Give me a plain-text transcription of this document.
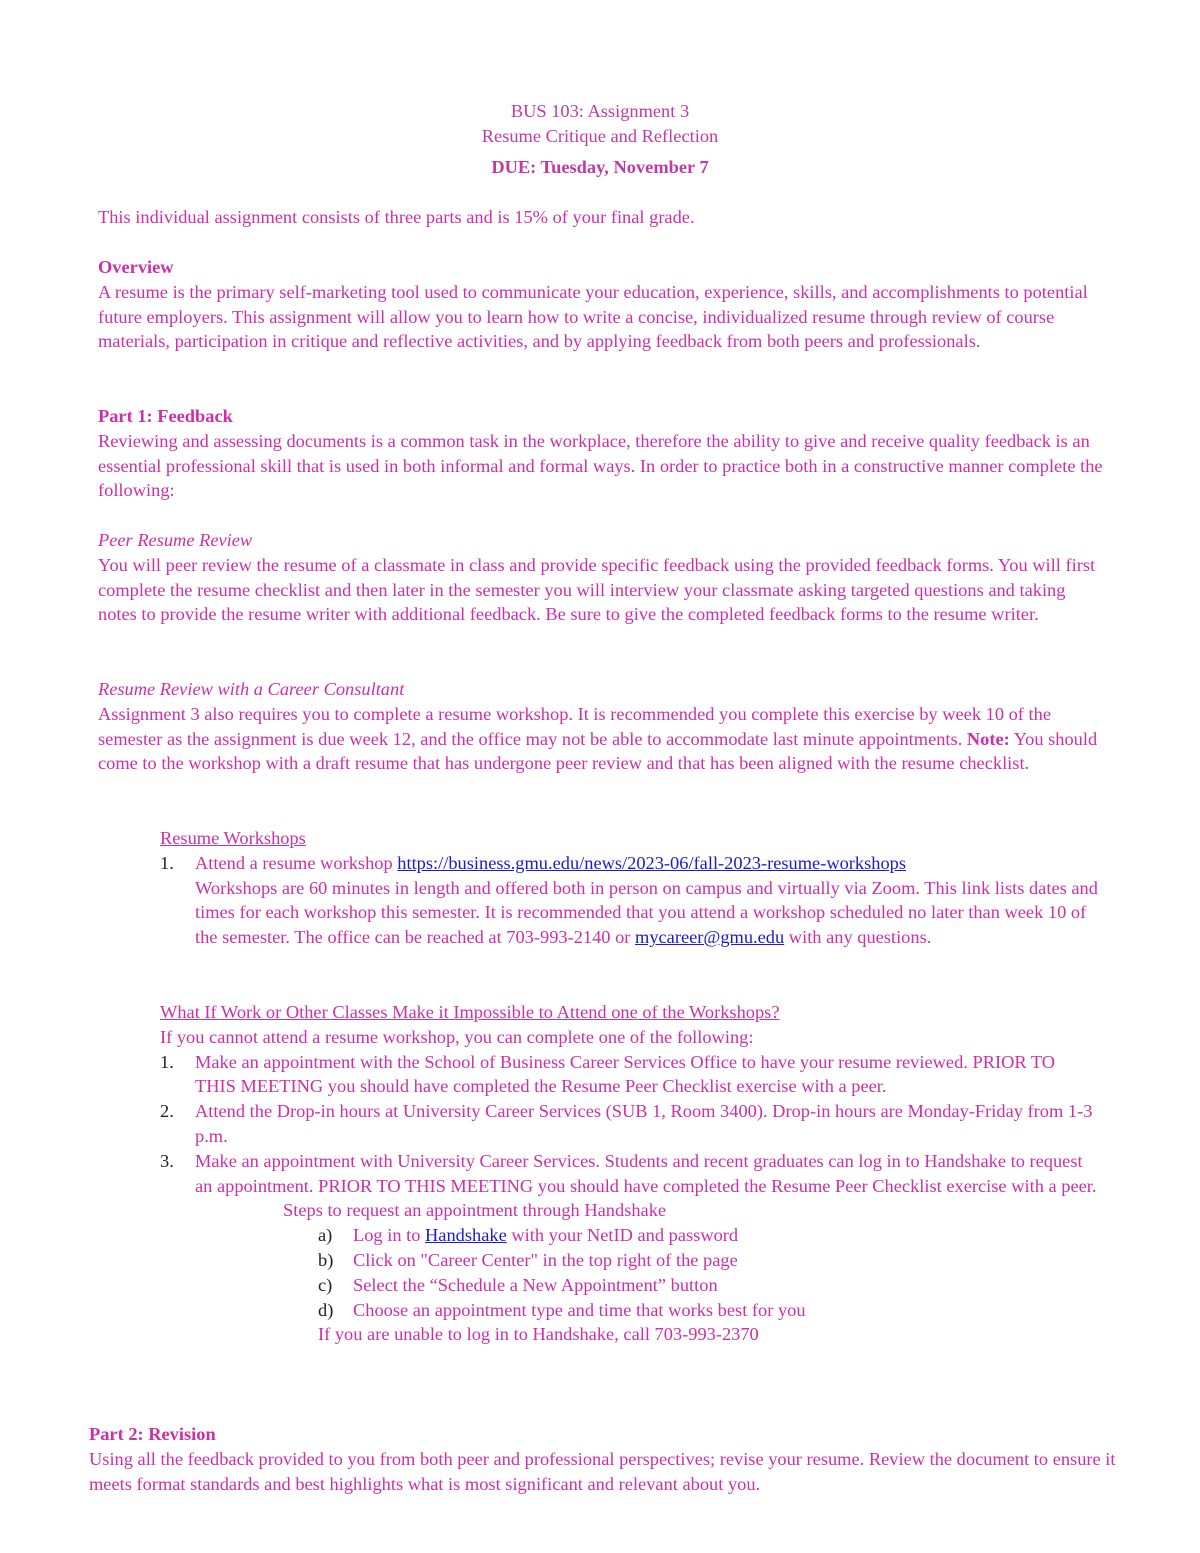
BUS 103: Assignment 3
Resume Critique and Reflection
DUE: Tuesday, November 7

This individual assignment consists of three parts and is 15% of your final grade.

Overview

A resume is the primary self-marketing tool used to communicate your education, experience, skills, and accomplishments to potential future employers. This assignment will allow you to learn how to write a concise, individualized resume through review of course materials, participation in critique and reflective activities, and by applying feedback from both peers and professionals.

Part 1: Feedback

Reviewing and assessing documents is a common task in the workplace, therefore the ability to give and receive quality feedback is an essential professional skill that is used in both informal and formal ways. In order to practice both in a constructive manner complete the following:

Peer Resume Review

You will peer review the resume of a classmate in class and provide specific feedback using the provided feedback forms. You will first complete the resume checklist and then later in the semester you will interview your classmate asking targeted questions and taking notes to provide the resume writer with additional feedback. Be sure to give the completed feedback forms to the resume writer.

Resume Review with a Career Consultant

Assignment 3 also requires you to complete a resume workshop. It is recommended you complete this exercise by week 10 of the semester as the assignment is due week 12, and the office may not be able to accommodate last minute appointments. Note: You should come to the workshop with a draft resume that has undergone peer review and that has been aligned with the resume checklist.

Resume Workshops

1. Attend a resume workshop https://business.gmu.edu/news/2023-06/fall-2023-resume-workshops
Workshops are 60 minutes in length and offered both in person on campus and virtually via Zoom. This link lists dates and times for each workshop this semester. It is recommended that you attend a workshop scheduled no later than week 10 of the semester. The office can be reached at 703-993-2140 or mycareer@gmu.edu with any questions.

What If Work or Other Classes Make it Impossible to Attend one of the Workshops?

If you cannot attend a resume workshop, you can complete one of the following:

1. Make an appointment with the School of Business Career Services Office to have your resume reviewed. PRIOR TO THIS MEETING you should have completed the Resume Peer Checklist exercise with a peer.
2. Attend the Drop-in hours at University Career Services (SUB 1, Room 3400). Drop-in hours are Monday-Friday from 1-3 p.m.
3. Make an appointment with University Career Services. Students and recent graduates can log in to Handshake to request an appointment. PRIOR TO THIS MEETING you should have completed the Resume Peer Checklist exercise with a peer.

Steps to request an appointment through Handshake

a) Log in to Handshake with your NetID and password
b) Click on "Career Center" in the top right of the page
c) Select the “Schedule a New Appointment” button
d) Choose an appointment type and time that works best for you

If you are unable to log in to Handshake, call 703-993-2370

Part 2: Revision

Using all the feedback provided to you from both peer and professional perspectives; revise your resume. Review the document to ensure it meets format standards and best highlights what is most significant and relevant about you.
